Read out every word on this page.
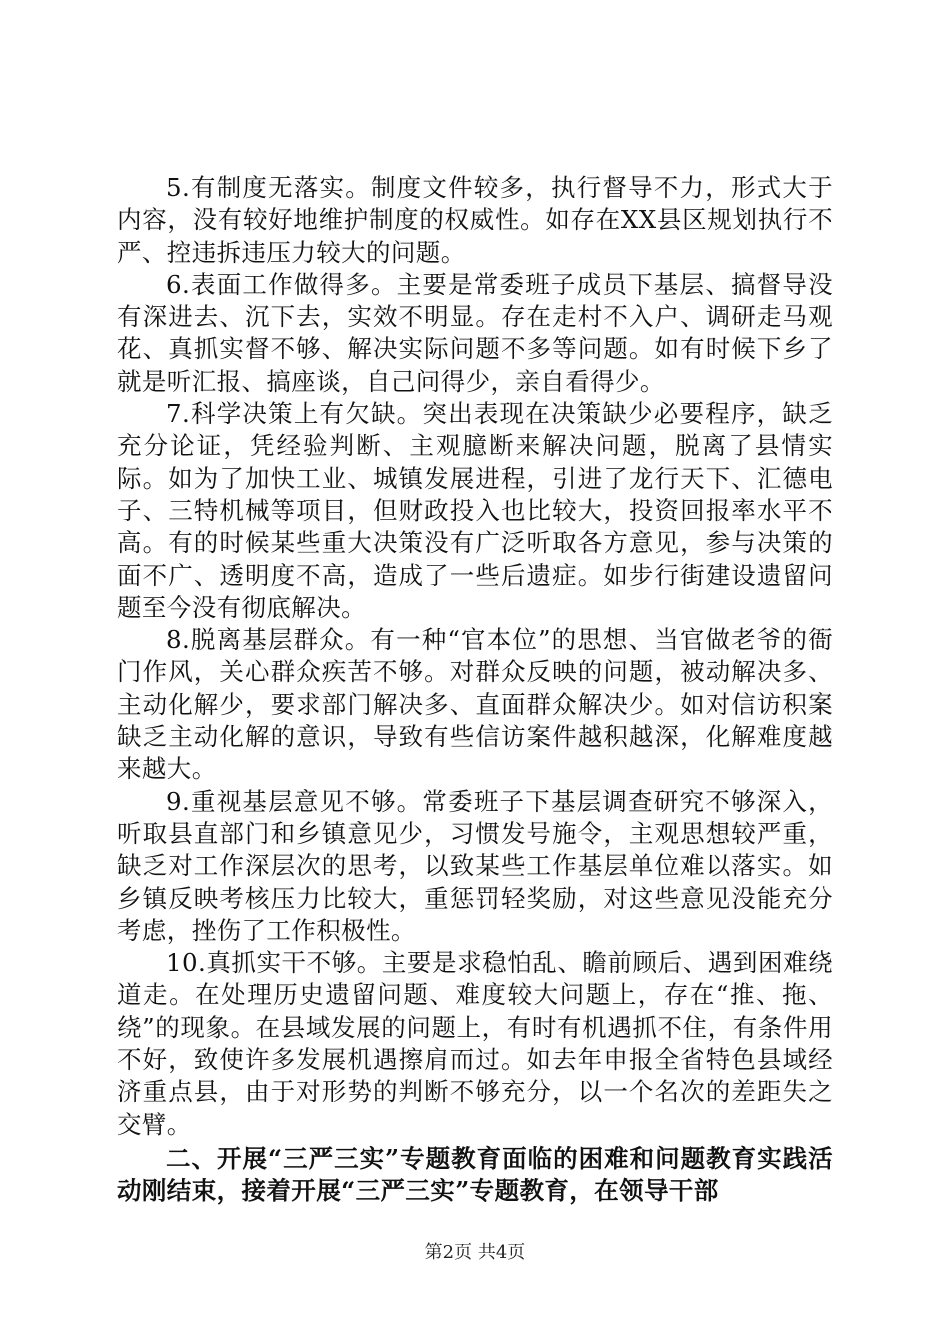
5.有制度无落实。制度文件较多，执行督导不力，形式大于内容，没有较好地维护制度的权威性。如存在XX县区规划执行不严、控违拆违压力较大的问题。

6.表面工作做得多。主要是常委班子成员下基层、搞督导没有深进去、沉下去，实效不明显。存在走村不入户、调研走马观花、真抓实督不够、解决实际问题不多等问题。如有时候下乡了就是听汇报、搞座谈，自己问得少，亲自看得少。

7.科学决策上有欠缺。突出表现在决策缺少必要程序，缺乏充分论证，凭经验判断、主观臆断来解决问题，脱离了县情实际。如为了加快工业、城镇发展进程，引进了龙行天下、汇德电子、三特机械等项目，但财政投入也比较大，投资回报率水平不高。有的时候某些重大决策没有广泛听取各方意见，参与决策的面不广、透明度不高，造成了一些后遗症。如步行街建设遗留问题至今没有彻底解决。

8.脱离基层群众。有一种“官本位”的思想、当官做老爷的衙门作风，关心群众疾苦不够。对群众反映的问题，被动解决多、主动化解少，要求部门解决多、直面群众解决少。如对信访积案缺乏主动化解的意识，导致有些信访案件越积越深，化解难度越来越大。

9.重视基层意见不够。常委班子下基层调查研究不够深入，听取县直部门和乡镇意见少，习惯发号施令，主观思想较严重，缺乏对工作深层次的思考，以致某些工作基层单位难以落实。如乡镇反映考核压力比较大，重惩罚轻奖励，对这些意见没能充分考虑，挫伤了工作积极性。

10.真抓实干不够。主要是求稳怕乱、瞻前顾后、遇到困难绕道走。在处理历史遗留问题、难度较大问题上，存在“推、拖、绕”的现象。在县域发展的问题上，有时有机遇抓不住，有条件用不好，致使许多发展机遇擦肩而过。如去年申报全省特色县域经济重点县，由于对形势的判断不够充分，以一个名次的差距失之交臂。

二、开展“三严三实”专题教育面临的困难和问题教育实践活动刚结束，接着开展“三严三实”专题教育，在领导干部

第2页 共4页
